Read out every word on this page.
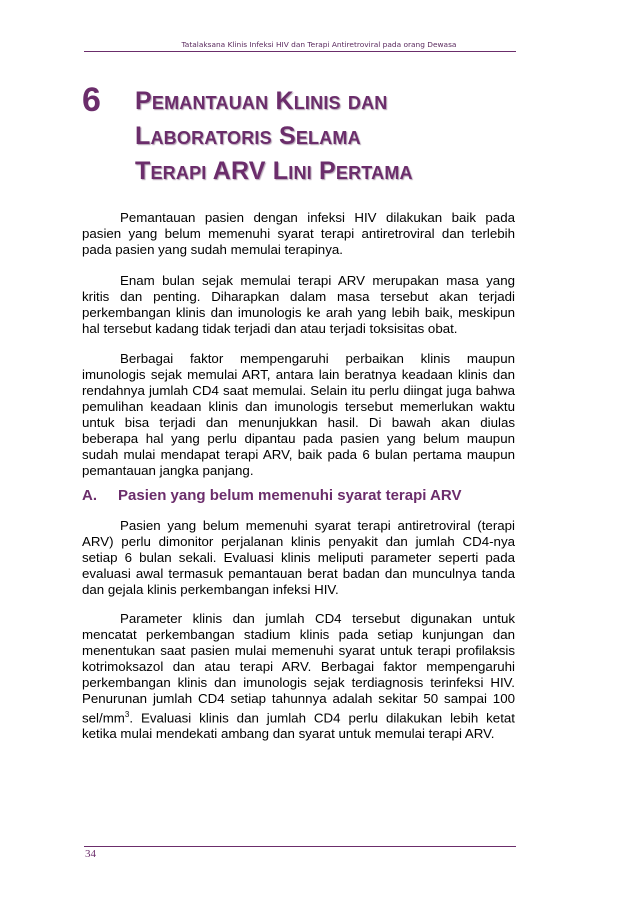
Tatalaksana Klinis Infeksi HIV dan Terapi Antiretroviral pada orang Dewasa
6 Pemantauan Klinis dan
Laboratoris Selama
Terapi ARV Lini Pertama

Pemantauan pasien dengan infeksi HIV dilakukan baik pada pasien yang belum memenuhi syarat terapi antiretroviral dan terlebih pada pasien yang sudah memulai terapinya.

Enam bulan sejak memulai terapi ARV merupakan masa yang kritis dan penting. Diharapkan dalam masa tersebut akan terjadi perkembangan klinis dan imunologis ke arah yang lebih baik, meskipun hal tersebut kadang tidak terjadi dan atau terjadi toksisitas obat.

Berbagai faktor mempengaruhi perbaikan klinis maupun imunologis sejak memulai ART, antara lain beratnya keadaan klinis dan rendahnya jumlah CD4 saat memulai. Selain itu perlu diingat juga bahwa pemulihan keadaan klinis dan imunologis tersebut memerlukan waktu untuk bisa terjadi dan menunjukkan hasil. Di bawah akan diulas beberapa hal yang perlu dipantau pada pasien yang belum maupun sudah mulai mendapat terapi ARV, baik pada 6 bulan pertama maupun pemantauan jangka panjang.

A. Pasien yang belum memenuhi syarat terapi ARV

Pasien yang belum memenuhi syarat terapi antiretroviral (terapi ARV) perlu dimonitor perjalanan klinis penyakit dan jumlah CD4-nya setiap 6 bulan sekali. Evaluasi klinis meliputi parameter seperti pada evaluasi awal termasuk pemantauan berat badan dan munculnya tanda dan gejala klinis perkembangan infeksi HIV.

Parameter klinis dan jumlah CD4 tersebut digunakan untuk mencatat perkembangan stadium klinis pada setiap kunjungan dan menentukan saat pasien mulai memenuhi syarat untuk terapi profilaksis kotrimoksazol dan atau terapi ARV. Berbagai faktor mempengaruhi perkembangan klinis dan imunologis sejak terdiagnosis terinfeksi HIV. Penurunan jumlah CD4 setiap tahunnya adalah sekitar 50 sampai 100 sel/$mm^3$. Evaluasi klinis dan jumlah CD4 perlu dilakukan lebih ketat ketika mulai mendekati ambang dan syarat untuk memulai terapi ARV.

34
